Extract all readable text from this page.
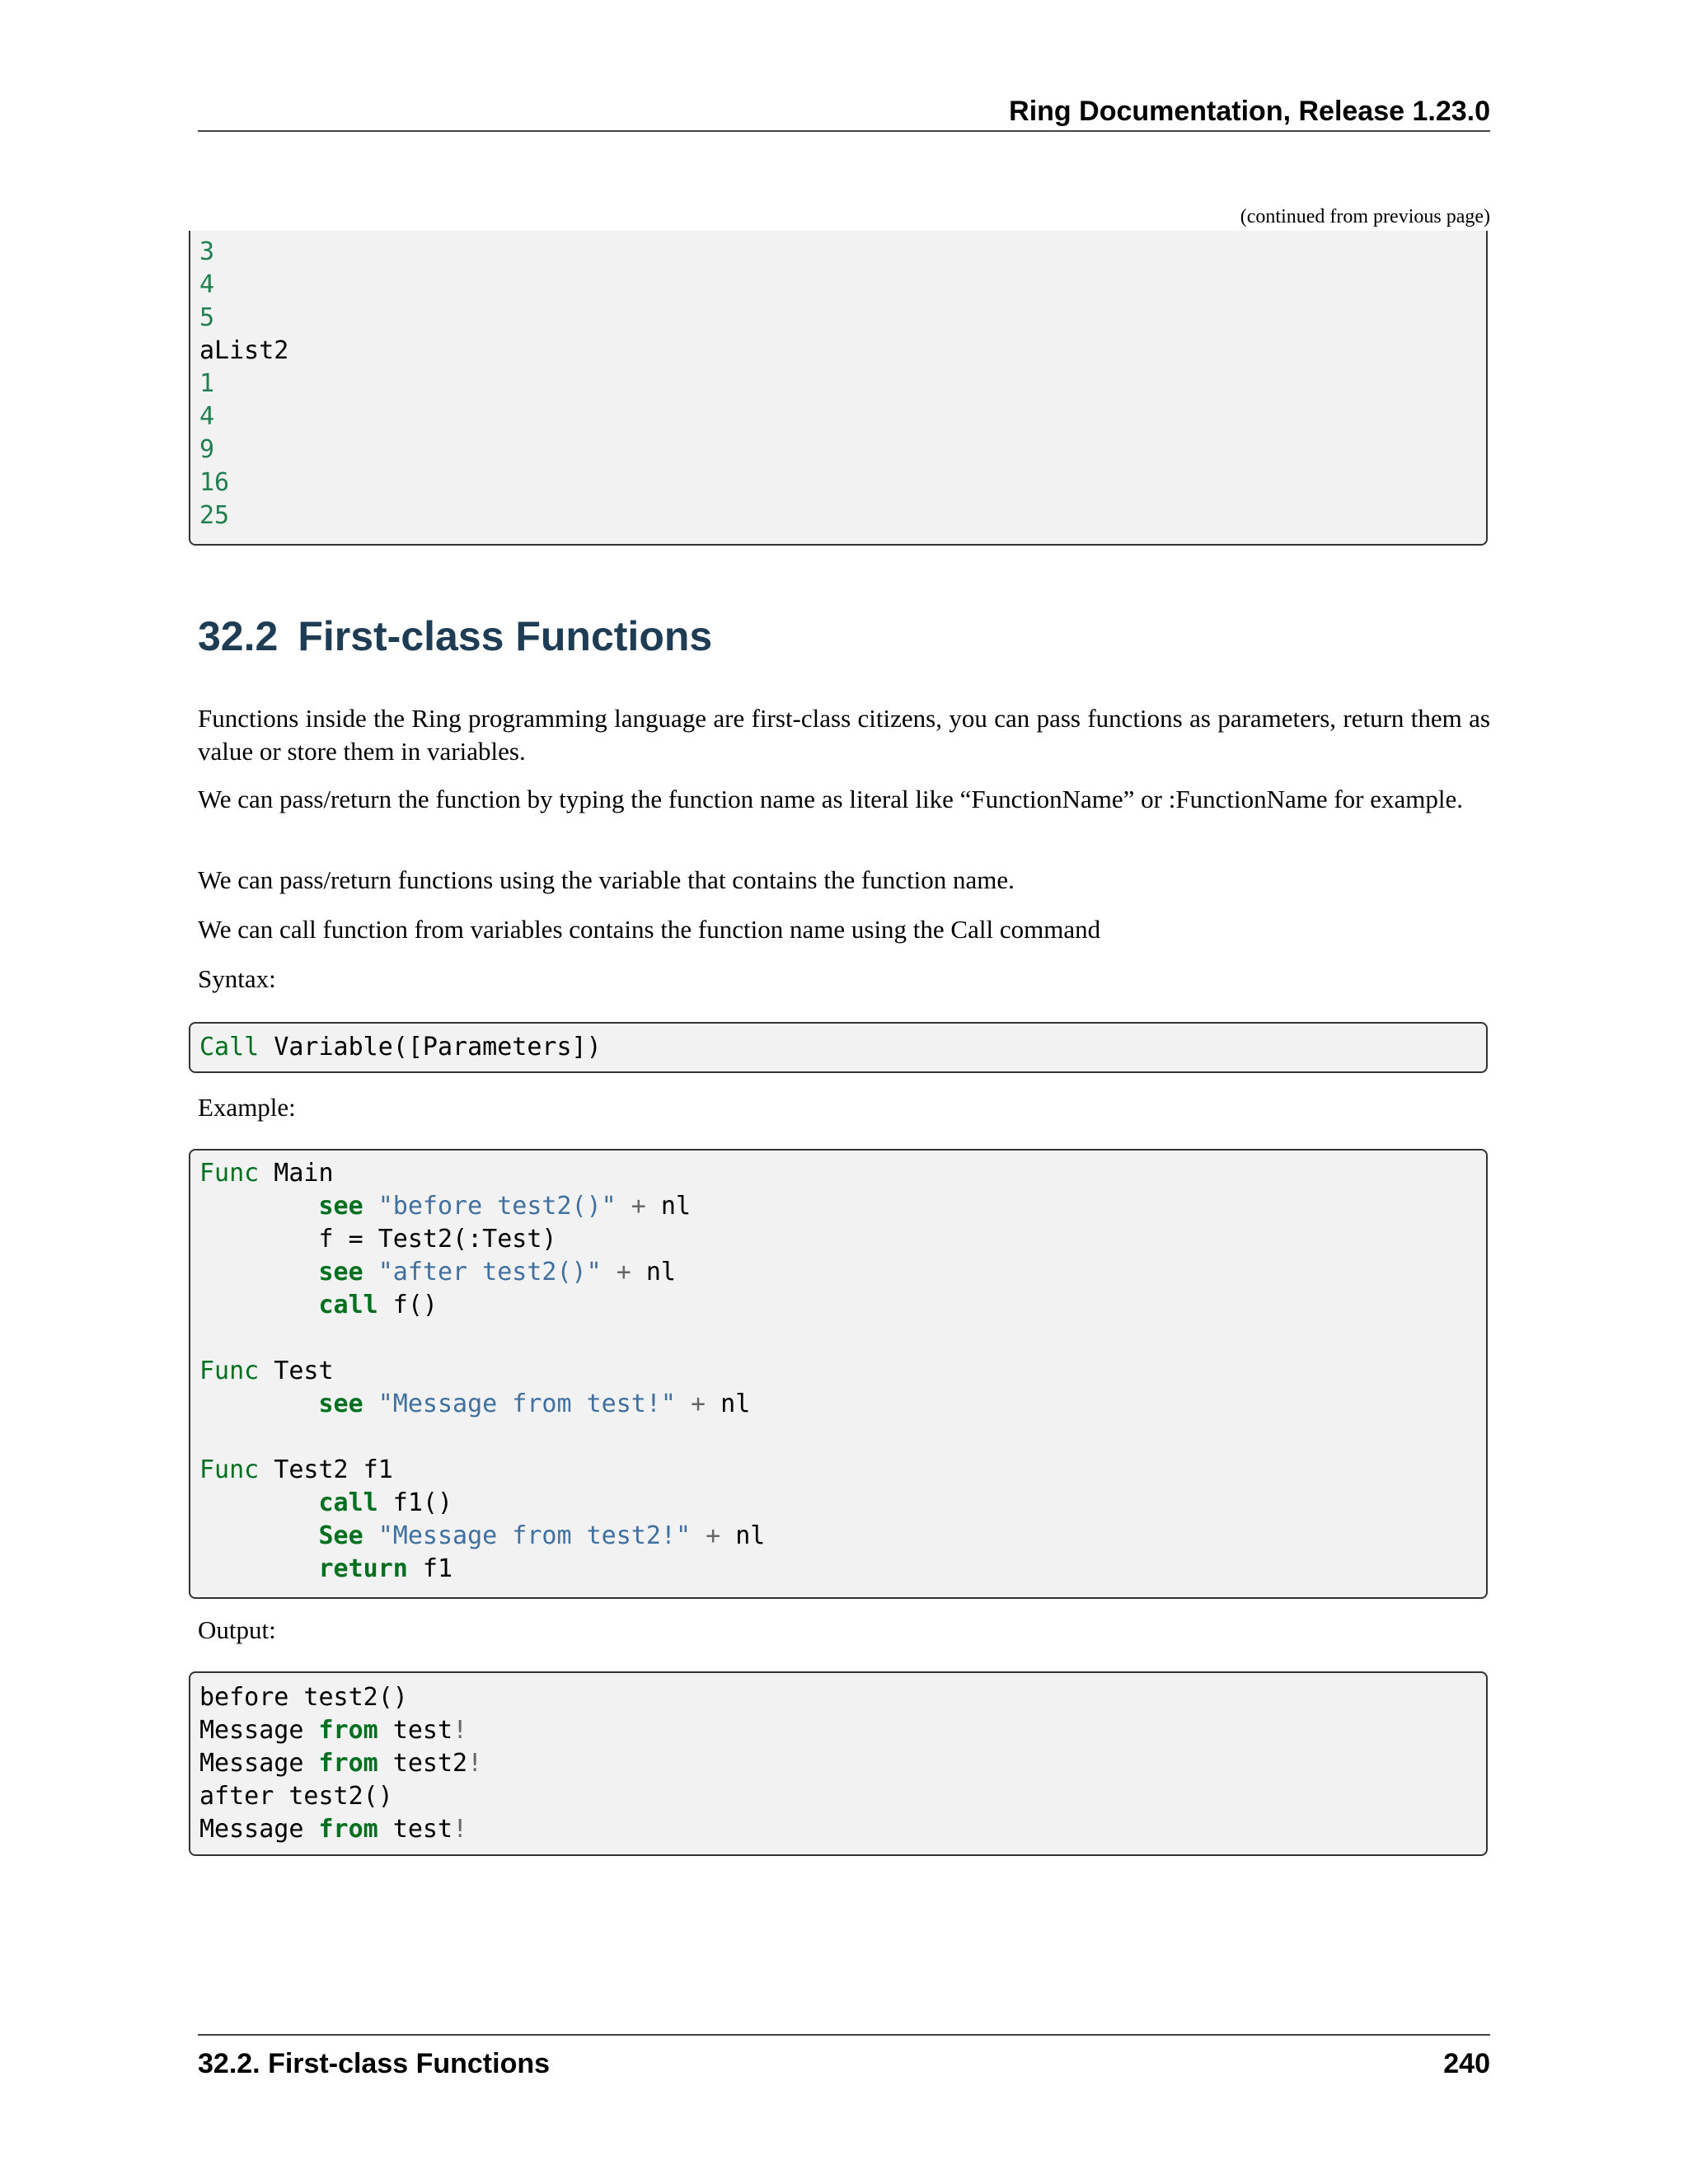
Ring Documentation, Release 1.23.0
(continued from previous page)
3
4
5
aList2
1
4
9
16
25
32.2 First-class Functions

Functions inside the Ring programming language are first-class citizens, you can pass functions as parameters, return them as value or store them in variables.

We can pass/return the function by typing the function name as literal like “FunctionName” or :FunctionName for example.

We can pass/return functions using the variable that contains the function name.

We can call function from variables contains the function name using the Call command

Syntax:

Call Variable([Parameters])

Example:

Func Main
see "before test2()" + nl
f = Test2(:Test)
see "after test2()" + nl
call f()
Func Test
see "Message from test!" + nl
Func Test2 f1
call f1()
See "Message from test2!" + nl
return f1

Output:

before test2()
Message from test!
Message from test2!
after test2()
Message from test!
32.2. First-class Functions	240
